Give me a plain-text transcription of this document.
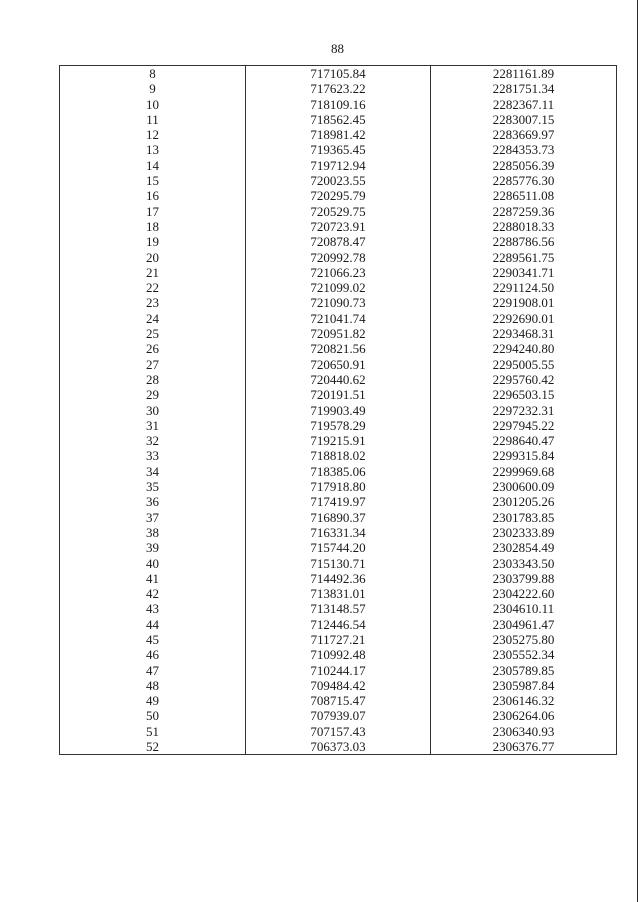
88
8	717105.84	2281161.89
9	717623.22	2281751.34
10	718109.16	2282367.11
11	718562.45	2283007.15
12	718981.42	2283669.97
13	719365.45	2284353.73
14	719712.94	2285056.39
15	720023.55	2285776.30
16	720295.79	2286511.08
17	720529.75	2287259.36
18	720723.91	2288018.33
19	720878.47	2288786.56
20	720992.78	2289561.75
21	721066.23	2290341.71
22	721099.02	2291124.50
23	721090.73	2291908.01
24	721041.74	2292690.01
25	720951.82	2293468.31
26	720821.56	2294240.80
27	720650.91	2295005.55
28	720440.62	2295760.42
29	720191.51	2296503.15
30	719903.49	2297232.31
31	719578.29	2297945.22
32	719215.91	2298640.47
33	718818.02	2299315.84
34	718385.06	2299969.68
35	717918.80	2300600.09
36	717419.97	2301205.26
37	716890.37	2301783.85
38	716331.34	2302333.89
39	715744.20	2302854.49
40	715130.71	2303343.50
41	714492.36	2303799.88
42	713831.01	2304222.60
43	713148.57	2304610.11
44	712446.54	2304961.47
45	711727.21	2305275.80
46	710992.48	2305552.34
47	710244.17	2305789.85
48	709484.42	2305987.84
49	708715.47	2306146.32
50	707939.07	2306264.06
51	707157.43	2306340.93
52	706373.03	2306376.77
